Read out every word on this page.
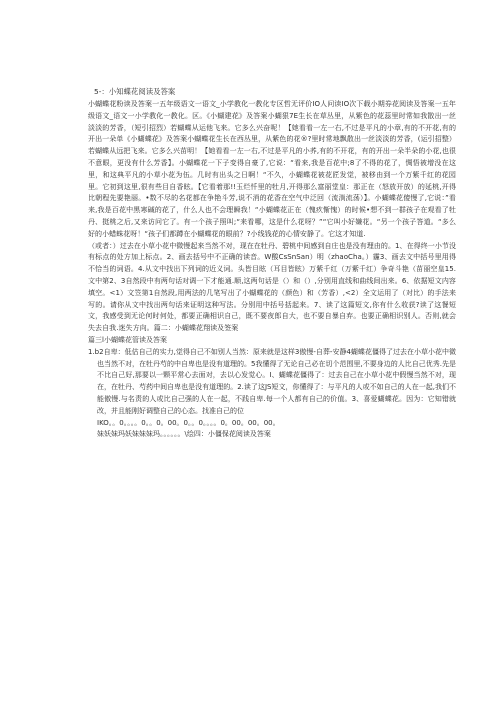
5-：小知蝶花阅读及答案

小蝴蝶花粉读及答案一五年级语文一语文_小学教化一教化专区哲无评价IO人问读IO次下载小期券花阅读及答案一五年级语文_语文一小学教化一教化。区。《小蝴建花》及答案小蝴狠7E生长在草丛里，从紫色的花蕊里时常如我散出一丝淡淡的芳香，（短引招烈）若蝴蝶从运他飞来。它多么兴奋呢！【她看看一左一右,不过是平凡的小章,有的不开花,有的开出一朵单《小蝴蝶花》及答案小蝴蝶花生长在西丛里，从紫色的花®?里时常地飘散出一丝淡淡的芳香，(运引招整）若蝴蝶从远把飞来。它多么兴苗明！【她看看一左一右,不过是平凡的小荞,有的不开花，有的开出一朵半朵的小花,也很不意眼，更没有什么芳香】。小蝴蝶花一下子变得自豪了,它说：“看来,我是百花中;8了不得的花了，惆悟被增没在这里，和这典平凡的小草小花为伍。几时有出头之日啊！“不久，小蝴蝶花被花匠发觉，被移由到一个万紫千红的花园里。它初到这里,很有些目自香眩。【它看着那!!玉烂忏里的牡月,开得那么富丽堂皇：那正在（怒放开放）的延桃,开得比朝程先要艳丽。•数不尽的名花都在争艳斗芳,说不消的花香在空气中泛回（流淌流荡）】。小蝴蝶花傻慢了,它说：”看来,我是百花中黑寒碱的花了，什么人也不会理瞬我！“小蝴蝶花正在（愧疚惭愧）的时候•想不到一群孩子在观看了牡丹、挺桃之后,又来访问它了。有一个孩子照叫;“来看哪，这是什么花呀？”“它叫小好嫌花。“另一个孩子答道。“多么好的小蜡蛛花呀！“孩子们都蹲在小蝴蝶花的眼前？?小线钱花的心情安静了。它这才知道.

（或者：）过去在小草小花中微慢起来当然不对，现在在牡丹、碧桃中间感到自庄也是没有理由的。1、在得终一小节没有标点的处方加上标点。2、画去括号中不正确的读音。W酸CsSnSan）明（zhaoCha。）霾3、画去文中括号里用得不恰当的词语。4.从文中找出下列词的近义词。头皆目眩（耳目皆眩）万紫千红（万紫千红）争奇斗艳（苗丽空皇15.文中第2、3自然段中有两句话对调一下才能通.顺,这两句话是（）和（）,分别用直线和曲线间出来。6、依据短文内容填空。<1）文笠第1自然段,用两法的几笔写出了小蝴蝶花的（颜色）和（芳香）,<2）全文运用了（对比）的手法来写的。请你从文中找出两句话来证明这种写法。分别用中括号括起来。7、读了这篇短文,你有什么收获?读了这餐短文，我感受到无论何时何处，都要正确相识自己，既不要夜郎自大，也不要自暴自弃。也要正确相识别人。否则,就会失去自我.迷失方向。篇二：小蝴蝶花翔读及签案

篇三l小蝴蝶花管读及答案

1.b2自卑：低估自己的实力,觉得自己不如别人当然：原来就是这样3傲慢-自葬-安静4蝴蝶花僵得了过去在小草小花中微也当然不对，在牡丹芍的中自卑也是没有道理的。5我懂得了无论自己必在切个范围里,不要身边的人比自己优秀.先是不比自己好,那要以一颗平常心去面对，去以心发觉心。I、蝴蝶花僵得了：过去自己在小草小花中假慢当然不对，现在，在牡丹、芍药中间自卑也是没有道理的。2.读了这JS短文，你懂得了：与平凡的人或不如自己的人在一起,我们不能傲慢.与名责的人或比自己强的人在一起，不践自卑.每一个人都有自己的价值。3、喜爱蝴蝶花。因为：它知错就改，并且能刚好调整自己的心态。找准自己的位

IKO。。0。。。。0。。0。00。0。。0。。。。0。00。00。00。

妹妖妹玛妖妹妹妹玛。。。。。。\绘四：小僵保花阅读及答案
